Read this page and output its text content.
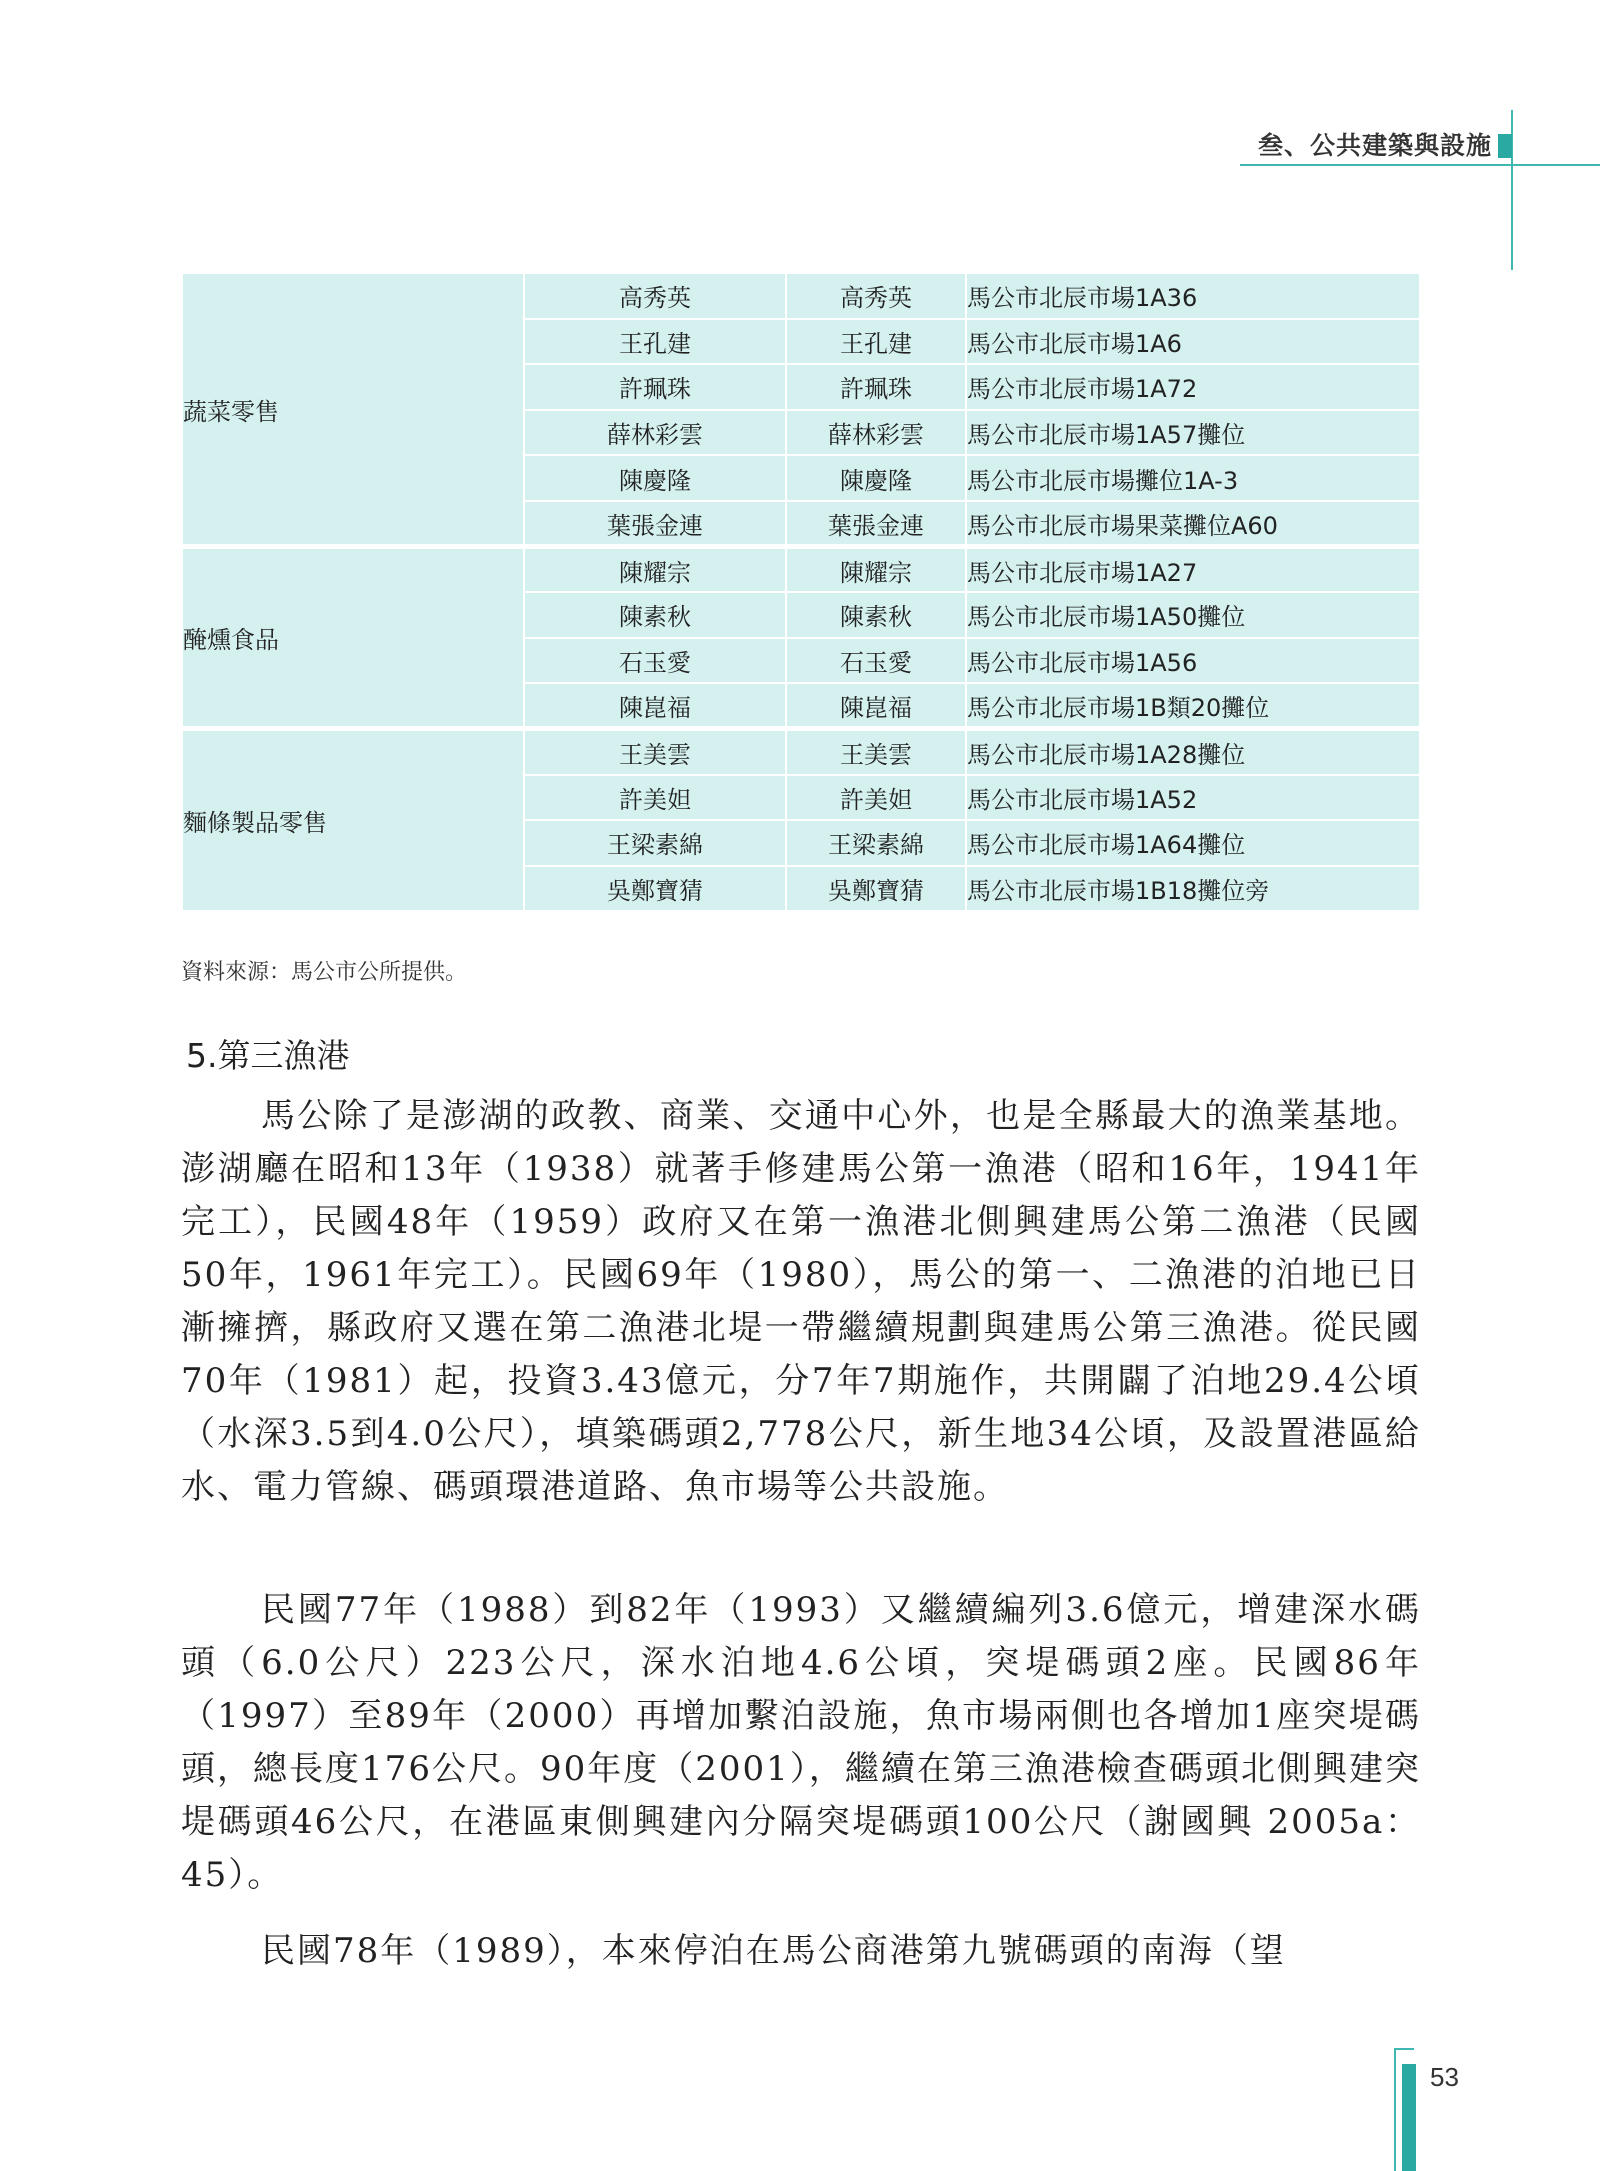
叁、公共建築與設施
蔬菜零售	高秀英	高秀英	馬公市北辰市場1A36
	王孔建	王孔建	馬公市北辰市場1A6
	許珮珠	許珮珠	馬公市北辰市場1A72
	薛林彩雲	薛林彩雲	馬公市北辰市場1A57攤位
	陳慶隆	陳慶隆	馬公市北辰市場攤位1A-3
	葉張金連	葉張金連	馬公市北辰市場果菜攤位A60
醃燻食品	陳耀宗	陳耀宗	馬公市北辰市場1A27
	陳素秋	陳素秋	馬公市北辰市場1A50攤位
	石玉愛	石玉愛	馬公市北辰市場1A56
	陳崑福	陳崑福	馬公市北辰市場1B類20攤位
麵條製品零售	王美雲	王美雲	馬公市北辰市場1A28攤位
	許美妲	許美妲	馬公市北辰市場1A52
	王梁素綿	王梁素綿	馬公市北辰市場1A64攤位
	吳鄭寶猜	吳鄭寶猜	馬公市北辰市場1B18攤位旁
資料來源：馬公市公所提供。
5.第三漁港

馬公除了是澎湖的政教、商業、交通中心外，也是全縣最大的漁業基地。澎湖廳在昭和13年（1938）就著手修建馬公第一漁港（昭和16年，1941年完工），民國48年（1959）政府又在第一漁港北側興建馬公第二漁港（民國50年，1961年完工）。民國69年（1980），馬公的第一、二漁港的泊地已日漸擁擠，縣政府又選在第二漁港北堤一帶繼續規劃與建馬公第三漁港。從民國70年（1981）起，投資3.43億元，分7年7期施作，共開闢了泊地29.4公頃（水深3.5到4.0公尺），填築碼頭2,778公尺，新生地34公頃，及設置港區給水、電力管線、碼頭環港道路、魚市場等公共設施。

民國77年（1988）到82年（1993）又繼續編列3.6億元，增建深水碼頭（6.0公尺）223公尺，深水泊地4.6公頃，突堤碼頭2座。民國86年（1997）至89年（2000）再增加繫泊設施，魚市場兩側也各增加1座突堤碼頭，總長度176公尺。90年度（2001），繼續在第三漁港檢查碼頭北側興建突堤碼頭46公尺，在港區東側興建內分隔突堤碼頭100公尺（謝國興 2005a：45）。

民國78年（1989），本來停泊在馬公商港第九號碼頭的南海（望

53
